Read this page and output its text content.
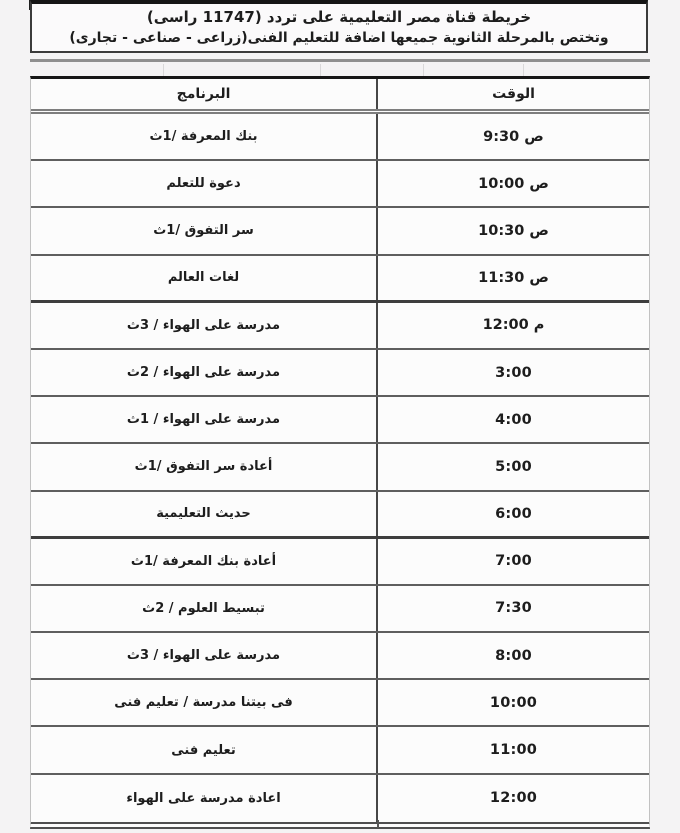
خريطة قناة مصر التعليمية على تردد (11747 راسى)
وتختص بالمرحلة الثانوية جميعها اضافة للتعليم الفنى(زراعى - صناعى - تجارى)
البرنامج	الوقت
بنك المعرفة /1ث	9:30 ص
دعوة للتعلم	10:00 ص
سر التفوق /1ث	10:30 ص
لغات العالم	11:30 ص
مدرسة على الهواء / 3ث	12:00 م
مدرسة على الهواء / 2ث	3:00
مدرسة على الهواء / 1ث	4:00
أعادة سر التفوق /1ث	5:00
حديث التعليمية	6:00
أعادة بنك المعرفة /1ث	7:00
تبسيط العلوم / 2ث	7:30
مدرسة على الهواء / 3ث	8:00
فى بيتنا مدرسة / تعليم فنى	10:00
تعليم فنى	11:00
اعادة مدرسة على الهواء	12:00
